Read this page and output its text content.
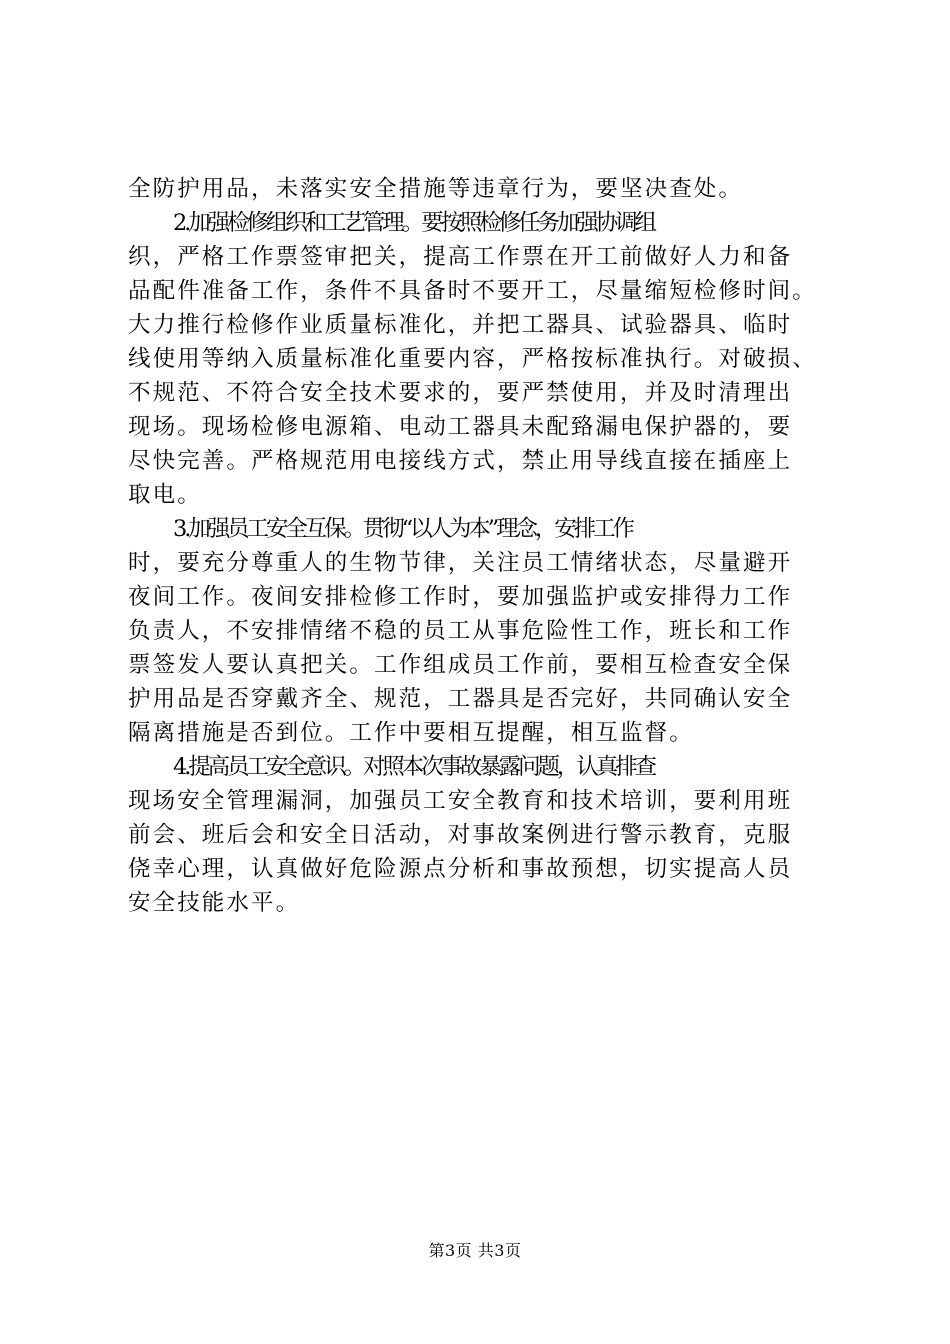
全防护用品，未落实安全措施等违章行为，要坚决查处。
2.加强检修组织和工艺管理。要按照检修任务加强协调组
织，严格工作票签审把关，提高工作票在开工前做好人力和备
品配件准备工作，条件不具备时不要开工，尽量缩短检修时间。
大力推行检修作业质量标准化，并把工器具、试验器具、临时
线使用等纳入质量标准化重要内容，严格按标准执行。对破损、
不规范、不符合安全技术要求的，要严禁使用，并及时清理出
现场。现场检修电源箱、电动工器具未配臵漏电保护器的，要
尽快完善。严格规范用电接线方式，禁止用导线直接在插座上
取电。
3.加强员工安全互保。贯彻“以人为本”理念，安排工作
时，要充分尊重人的生物节律，关注员工情绪状态，尽量避开
夜间工作。夜间安排检修工作时，要加强监护或安排得力工作
负责人，不安排情绪不稳的员工从事危险性工作，班长和工作
票签发人要认真把关。工作组成员工作前，要相互检查安全保
护用品是否穿戴齐全、规范，工器具是否完好，共同确认安全
隔离措施是否到位。工作中要相互提醒，相互监督。
4.提高员工安全意识。对照本次事故暴露问题，认真排查
现场安全管理漏洞，加强员工安全教育和技术培训，要利用班
前会、班后会和安全日活动，对事故案例进行警示教育，克服
侥幸心理，认真做好危险源点分析和事故预想，切实提高人员
安全技能水平。
第3页 共3页
